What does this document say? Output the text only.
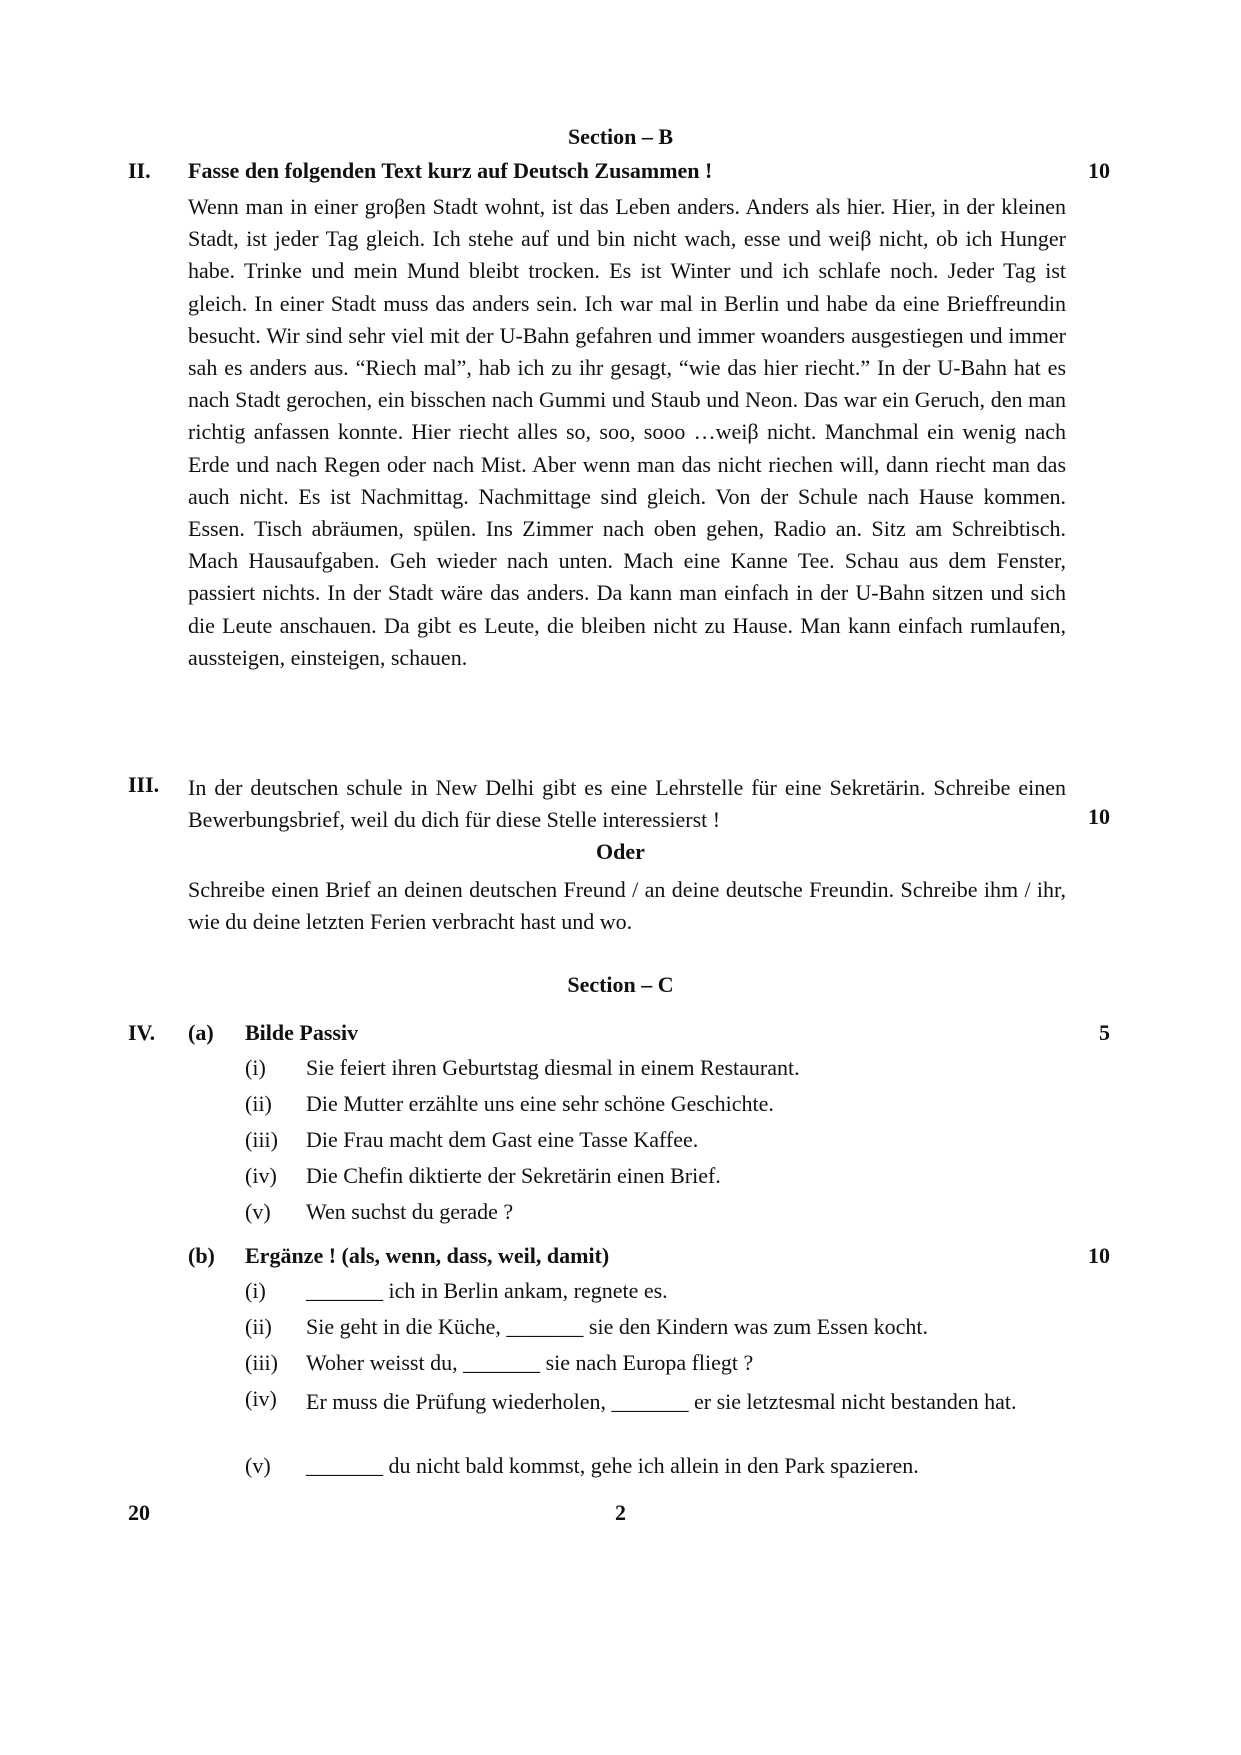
Section – B
II. Fasse den folgenden Text kurz auf Deutsch Zusammen !	10
Wenn man in einer groβen Stadt wohnt, ist das Leben anders. Anders als hier. Hier, in der kleinen Stadt, ist jeder Tag gleich. Ich stehe auf und bin nicht wach, esse und weiβ nicht, ob ich Hunger habe. Trinke und mein Mund bleibt trocken. Es ist Winter und ich schlafe noch. Jeder Tag ist gleich. In einer Stadt muss das anders sein. Ich war mal in Berlin und habe da eine Brieffreundin besucht. Wir sind sehr viel mit der U-Bahn gefahren und immer woanders ausgestiegen und immer sah es anders aus. “Riech mal”, hab ich zu ihr gesagt, “wie das hier riecht.” In der U-Bahn hat es nach Stadt gerochen, ein bisschen nach Gummi und Staub und Neon. Das war ein Geruch, den man richtig anfassen konnte. Hier riecht alles so, soo, sooo …weiβ nicht. Manchmal ein wenig nach Erde und nach Regen oder nach Mist. Aber wenn man das nicht riechen will, dann riecht man das auch nicht. Es ist Nachmittag. Nachmittage sind gleich. Von der Schule nach Hause kommen. Essen. Tisch abräumen, spülen. Ins Zimmer nach oben gehen, Radio an. Sitz am Schreibtisch. Mach Hausaufgaben. Geh wieder nach unten. Mach eine Kanne Tee. Schau aus dem Fenster, passiert nichts. In der Stadt wäre das anders. Da kann man einfach in der U-Bahn sitzen und sich die Leute anschauen. Da gibt es Leute, die bleiben nicht zu Hause. Man kann einfach rumlaufen, aussteigen, einsteigen, schauen.
III. In der deutschen schule in New Delhi gibt es eine Lehrstelle für eine Sekretärin. Schreibe einen Bewerbungsbrief, weil du dich für diese Stelle interessierst !	10
Oder
Schreibe einen Brief an deinen deutschen Freund / an deine deutsche Freundin. Schreibe ihm / ihr, wie du deine letzten Ferien verbracht hast und wo.
Section – C
IV. (a) Bilde Passiv	5
(i) Sie feiert ihren Geburtstag diesmal in einem Restaurant.
(ii) Die Mutter erzählte uns eine sehr schöne Geschichte.
(iii) Die Frau macht dem Gast eine Tasse Kaffee.
(iv) Die Chefin diktierte der Sekretärin einen Brief.
(v) Wen suchst du gerade ?
(b) Ergänze ! (als, wenn, dass, weil, damit)	10
(i) _______ ich in Berlin ankam, regnete es.
(ii) Sie geht in die Küche, _______ sie den Kindern was zum Essen kocht.
(iii) Woher weisst du, _______ sie nach Europa fliegt ?
(iv) Er muss die Prüfung wiederholen, _______ er sie letztesmal nicht bestanden hat.
(v) _______ du nicht bald kommst, gehe ich allein in den Park spazieren.
20	2
